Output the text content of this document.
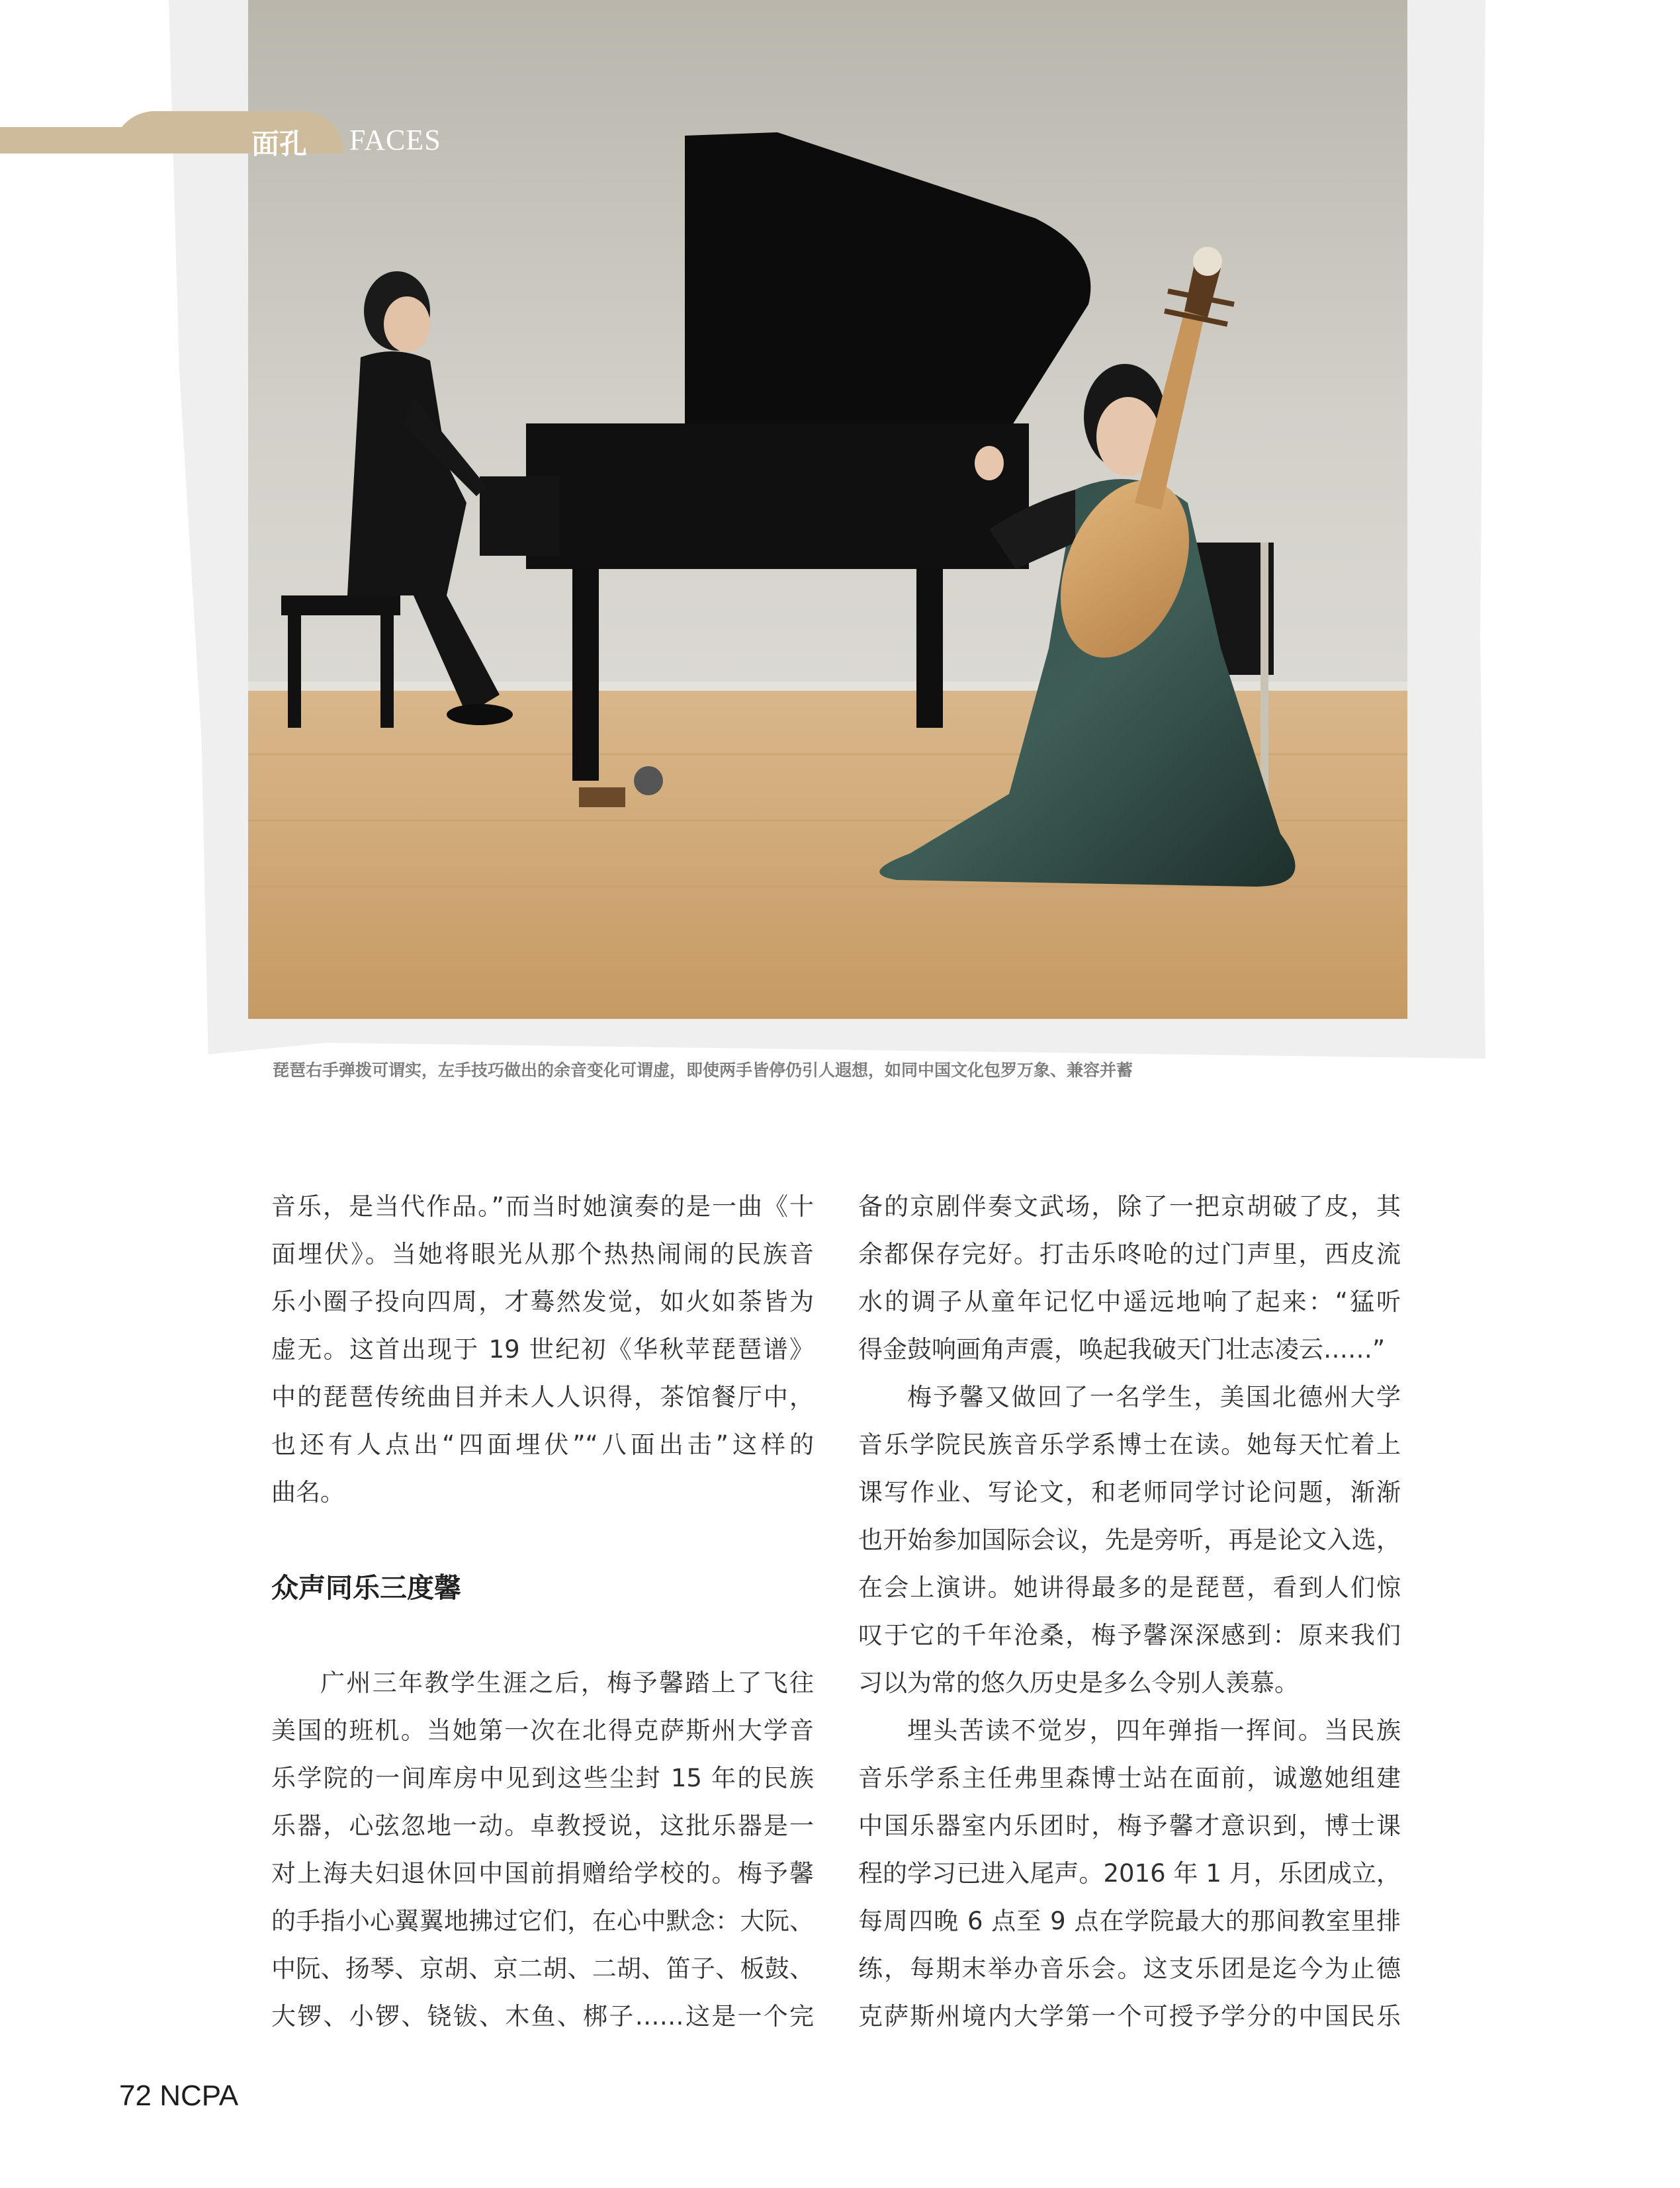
面孔 FACES
琵琶右手弹拨可谓实，左手技巧做出的余音变化可谓虚，即使两手皆停仍引人遐想，如同中国文化包罗万象、兼容并蓄

音乐，是当代作品。”而当时她演奏的是一曲《十
面埋伏》。当她将眼光从那个热热闹闹的民族音
乐小圈子投向四周，才蓦然发觉，如火如荼皆为
虚无。这首出现于 19 世纪初《华秋苹琵琶谱》
中的琵琶传统曲目并未人人识得，茶馆餐厅中，
也还有人点出“四面埋伏”“八面出击”这样的
曲名。

众声同乐三度馨

广州三年教学生涯之后，梅予馨踏上了飞往
美国的班机。当她第一次在北得克萨斯州大学音
乐学院的一间库房中见到这些尘封 15 年的民族
乐器，心弦忽地一动。卓教授说，这批乐器是一
对上海夫妇退休回中国前捐赠给学校的。梅予馨
的手指小心翼翼地拂过它们，在心中默念：大阮、
中阮、扬琴、京胡、京二胡、二胡、笛子、板鼓、
大锣、小锣、铙钹、木鱼、梆子……这是一个完

备的京剧伴奏文武场，除了一把京胡破了皮，其
余都保存完好。打击乐咚呛的过门声里，西皮流
水的调子从童年记忆中遥远地响了起来：“猛听
得金鼓响画角声震，唤起我破天门壮志凌云……”

梅予馨又做回了一名学生，美国北德州大学
音乐学院民族音乐学系博士在读。她每天忙着上
课写作业、写论文，和老师同学讨论问题，渐渐
也开始参加国际会议，先是旁听，再是论文入选，
在会上演讲。她讲得最多的是琵琶，看到人们惊
叹于它的千年沧桑，梅予馨深深感到：原来我们
习以为常的悠久历史是多么令别人羡慕。

埋头苦读不觉岁，四年弹指一挥间。当民族
音乐学系主任弗里森博士站在面前，诚邀她组建
中国乐器室内乐团时，梅予馨才意识到，博士课
程的学习已进入尾声。2016 年 1 月，乐团成立，
每周四晚 6 点至 9 点在学院最大的那间教室里排
练，每期末举办音乐会。这支乐团是迄今为止德
克萨斯州境内大学第一个可授予学分的中国民乐

72 NCPA
